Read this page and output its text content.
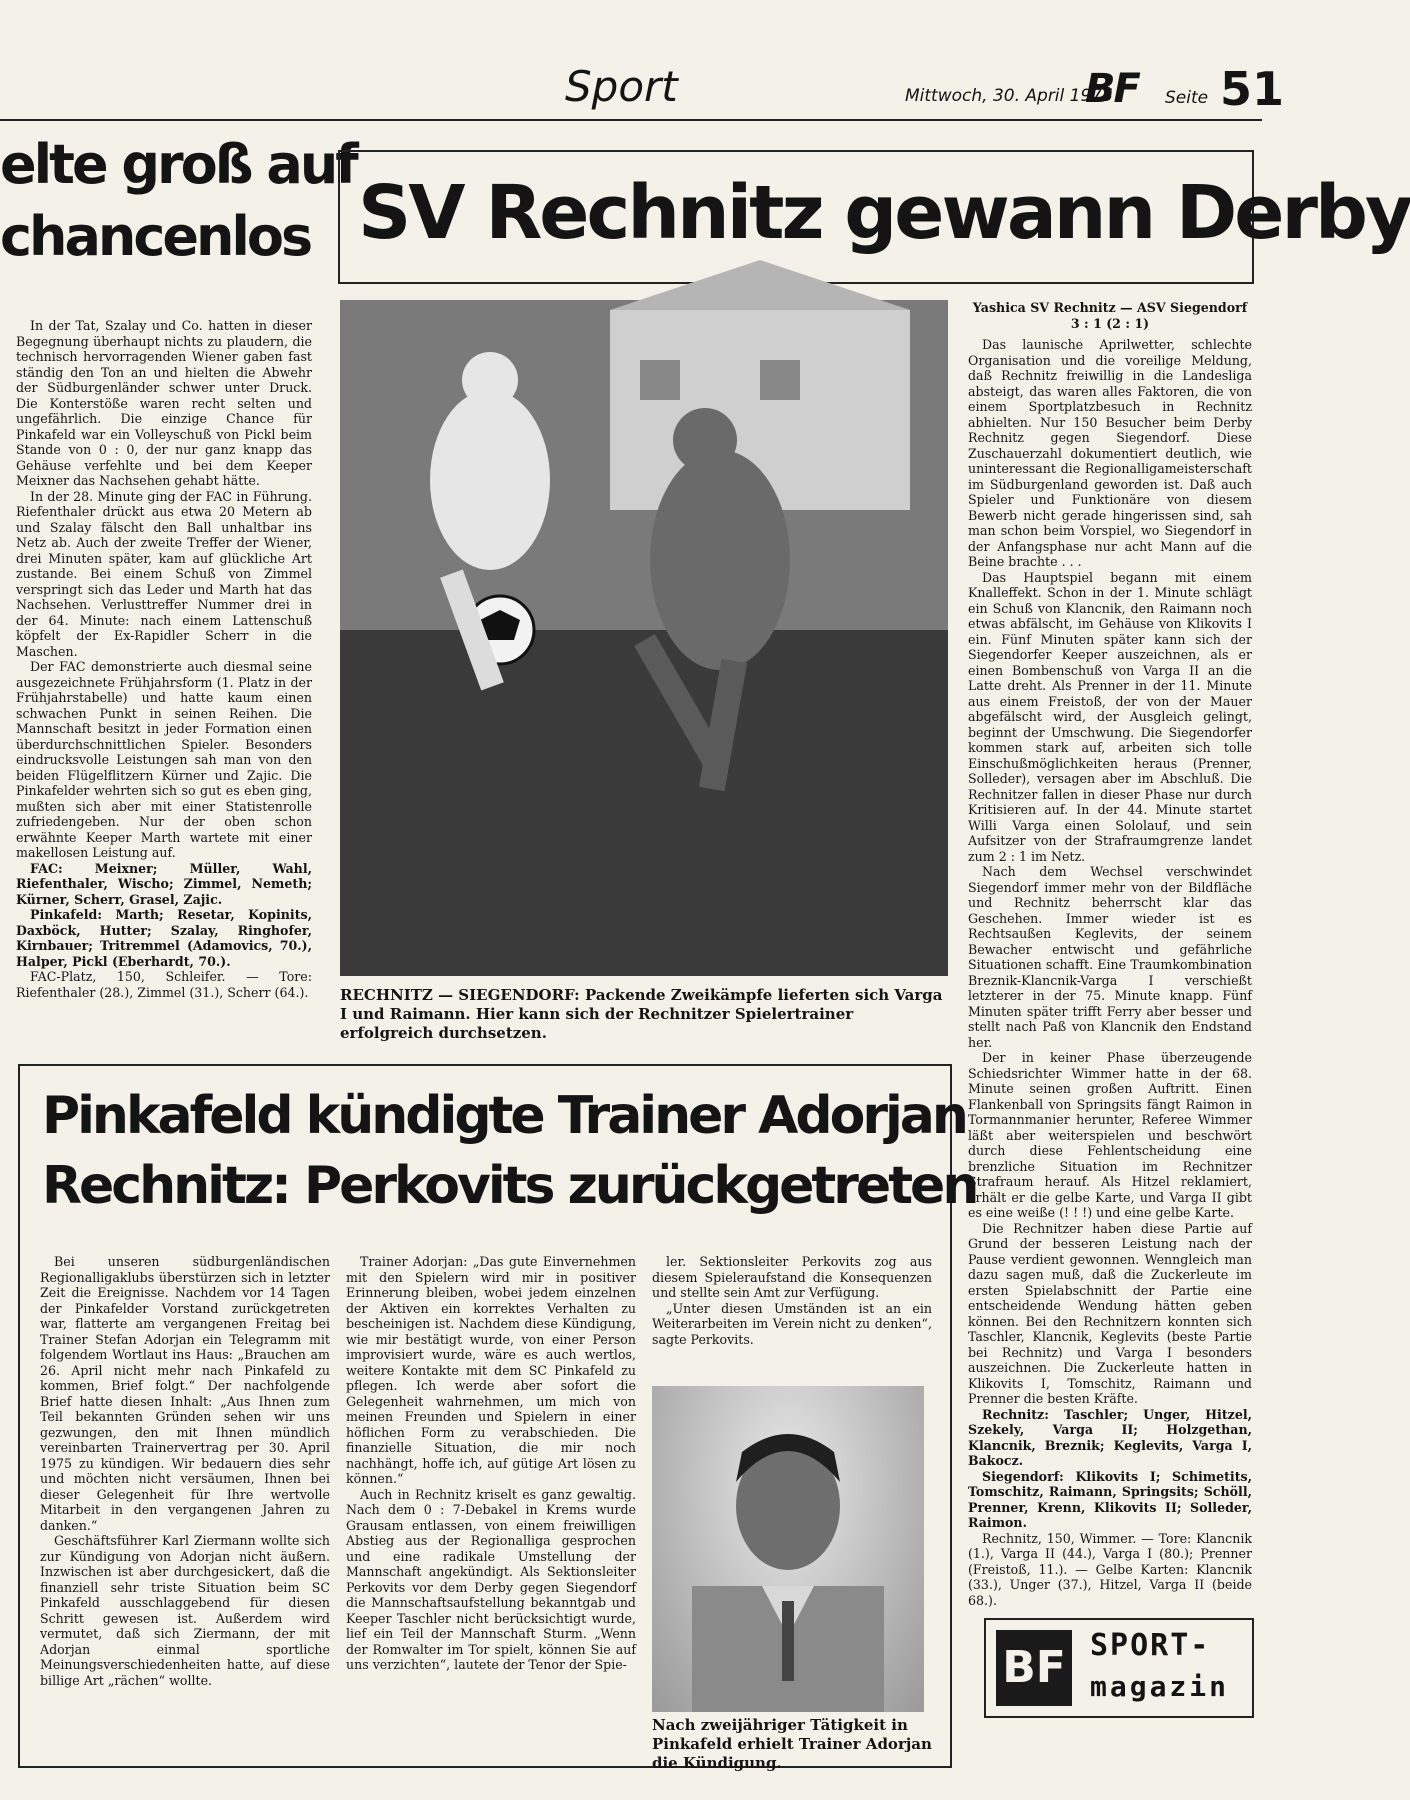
Sport	Mittwoch, 30. April 1975
BF Seite 51
elte groß auf
chancenlos

In der Tat, Szalay und Co. hatten in dieser Begegnung überhaupt nichts zu plaudern, die technisch hervorragenden Wiener gaben fast ständig den Ton an und hielten die Abwehr der Südburgenländer schwer unter Druck. Die Konterstöße waren recht selten und ungefährlich. Die einzige Chance für Pinkafeld war ein Volleyschuß von Pickl beim Stande von 0 : 0, der nur ganz knapp das Gehäuse verfehlte und bei dem Keeper Meixner das Nachsehen gehabt hätte.

In der 28. Minute ging der FAC in Führung. Riefenthaler drückt aus etwa 20 Metern ab und Szalay fälscht den Ball unhaltbar ins Netz ab. Auch der zweite Treffer der Wiener, drei Minuten später, kam auf glückliche Art zustande. Bei einem Schuß von Zimmel verspringt sich das Leder und Marth hat das Nachsehen. Verlusttreffer Nummer drei in der 64. Minute: nach einem Lattenschuß köpfelt der Ex-Rapidler Scherr in die Maschen.

Der FAC demonstrierte auch diesmal seine ausgezeichnete Frühjahrsform (1. Platz in der Frühjahrstabelle) und hatte kaum einen schwachen Punkt in seinen Reihen. Die Mannschaft besitzt in jeder Formation einen überdurchschnittlichen Spieler. Besonders eindrucksvolle Leistungen sah man von den beiden Flügelflitzern Kürner und Zajic. Die Pinkafelder wehrten sich so gut es eben ging, mußten sich aber mit einer Statistenrolle zufriedengeben. Nur der oben schon erwähnte Keeper Marth wartete mit einer makellosen Leistung auf.

FAC: Meixner; Müller, Wahl, Riefenthaler, Wischo; Zimmel, Nemeth; Kürner, Scherr, Grasel, Zajic.

Pinkafeld: Marth; Resetar, Kopinits, Daxböck, Hutter; Szalay, Ringhofer, Kirnbauer; Tritremmel (Adamovics, 70.), Halper, Pickl (Eberhardt, 70.).

FAC-Platz, 150, Schleifer. — Tore: Riefenthaler (28.), Zimmel (31.), Scherr (64.).

SV Rechnitz gewann Derby
RECHNITZ — SIEGENDORF: Packende Zweikämpfe lieferten sich Varga I und Raimann. Hier kann sich der Rechnitzer Spielertrainer erfolgreich durchsetzen.

Yashica SV Rechnitz — ASV Siegendorf 3 : 1 (2 : 1)

Das launische Aprilwetter, schlechte Organisation und die voreilige Meldung, daß Rechnitz freiwillig in die Landesliga absteigt, das waren alles Faktoren, die von einem Sportplatzbesuch in Rechnitz abhielten. Nur 150 Besucher beim Derby Rechnitz gegen Siegendorf. Diese Zuschauerzahl dokumentiert deutlich, wie uninteressant die Regionalligameisterschaft im Südburgenland geworden ist. Daß auch Spieler und Funktionäre von diesem Bewerb nicht gerade hingerissen sind, sah man schon beim Vorspiel, wo Siegendorf in der Anfangsphase nur acht Mann auf die Beine brachte . . .

Das Hauptspiel begann mit einem Knalleffekt. Schon in der 1. Minute schlägt ein Schuß von Klancnik, den Raimann noch etwas abfälscht, im Gehäuse von Klikovits I ein. Fünf Minuten später kann sich der Siegendorfer Keeper auszeichnen, als er einen Bombenschuß von Varga II an die Latte dreht. Als Prenner in der 11. Minute aus einem Freistoß, der von der Mauer abgefälscht wird, der Ausgleich gelingt, beginnt der Umschwung. Die Siegendorfer kommen stark auf, arbeiten sich tolle Einschußmöglichkeiten heraus (Prenner, Solleder), versagen aber im Abschluß. Die Rechnitzer fallen in dieser Phase nur durch Kritisieren auf. In der 44. Minute startet Willi Varga einen Sololauf, und sein Aufsitzer von der Strafraumgrenze landet zum 2 : 1 im Netz.

Nach dem Wechsel verschwindet Siegendorf immer mehr von der Bildfläche und Rechnitz beherrscht klar das Geschehen. Immer wieder ist es Rechtsaußen Keglevits, der seinem Bewacher entwischt und gefährliche Situationen schafft. Eine Traumkombination Breznik-Klancnik-Varga I verschießt letzterer in der 75. Minute knapp. Fünf Minuten später trifft Ferry aber besser und stellt nach Paß von Klancnik den Endstand her.

Der in keiner Phase überzeugende Schiedsrichter Wimmer hatte in der 68. Minute seinen großen Auftritt. Einen Flankenball von Springsits fängt Raimon in Tormannmanier herunter, Referee Wimmer läßt aber weiterspielen und beschwört durch diese Fehlentscheidung eine brenzliche Situation im Rechnitzer Strafraum herauf. Als Hitzel reklamiert, erhält er die gelbe Karte, und Varga II gibt es eine weiße (! ! !) und eine gelbe Karte.

Die Rechnitzer haben diese Partie auf Grund der besseren Leistung nach der Pause verdient gewonnen. Wenngleich man dazu sagen muß, daß die Zuckerleute im ersten Spielabschnitt der Partie eine entscheidende Wendung hätten geben können. Bei den Rechnitzern konnten sich Taschler, Klancnik, Keglevits (beste Partie bei Rechnitz) und Varga I besonders auszeichnen. Die Zuckerleute hatten in Klikovits I, Tomschitz, Raimann und Prenner die besten Kräfte.

Rechnitz: Taschler; Unger, Hitzel, Szekely, Varga II; Holzgethan, Klancnik, Breznik; Keglevits, Varga I, Bakocz.

Siegendorf: Klikovits I; Schimetits, Tomschitz, Raimann, Springsits; Schöll, Prenner, Krenn, Klikovits II; Solleder, Raimon.

Rechnitz, 150, Wimmer. — Tore: Klancnik (1.), Varga II (44.), Varga I (80.); Prenner (Freistoß, 11.). — Gelbe Karten: Klancnik (33.), Unger (37.), Hitzel, Varga II (beide 68.).

Pinkafeld kündigte Trainer Adorjan
Rechnitz: Perkovits zurückgetreten

Bei unseren südburgenländischen Regionalligaklubs überstürzen sich in letzter Zeit die Ereignisse. Nachdem vor 14 Tagen der Pinkafelder Vorstand zurückgetreten war, flatterte am vergangenen Freitag bei Trainer Stefan Adorjan ein Telegramm mit folgendem Wortlaut ins Haus: „Brauchen am 26. April nicht mehr nach Pinkafeld zu kommen, Brief folgt.“ Der nachfolgende Brief hatte diesen Inhalt: „Aus Ihnen zum Teil bekannten Gründen sehen wir uns gezwungen, den mit Ihnen mündlich vereinbarten Trainervertrag per 30. April 1975 zu kündigen. Wir bedauern dies sehr und möchten nicht versäumen, Ihnen bei dieser Gelegenheit für Ihre wertvolle Mitarbeit in den vergangenen Jahren zu danken.“

Geschäftsführer Karl Ziermann wollte sich zur Kündigung von Adorjan nicht äußern. Inzwischen ist aber durchgesickert, daß die finanziell sehr triste Situation beim SC Pinkafeld ausschlaggebend für diesen Schritt gewesen ist. Außerdem wird vermutet, daß sich Ziermann, der mit Adorjan einmal sportliche Meinungsverschiedenheiten hatte, auf diese billige Art „rächen“ wollte.

Trainer Adorjan: „Das gute Einvernehmen mit den Spielern wird mir in positiver Erinnerung bleiben, wobei jedem einzelnen der Aktiven ein korrektes Verhalten zu bescheinigen ist. Nachdem diese Kündigung, wie mir bestätigt wurde, von einer Person improvisiert wurde, wäre es auch wertlos, weitere Kontakte mit dem SC Pinkafeld zu pflegen. Ich werde aber sofort die Gelegenheit wahrnehmen, um mich von meinen Freunden und Spielern in einer höflichen Form zu verabschieden. Die finanzielle Situation, die mir noch nachhängt, hoffe ich, auf gütige Art lösen zu können.“

Auch in Rechnitz kriselt es ganz gewaltig. Nach dem 0 : 7-Debakel in Krems wurde Grausam entlassen, von einem freiwilligen Abstieg aus der Regionalliga gesprochen und eine radikale Umstellung der Mannschaft angekündigt. Als Sektionsleiter Perkovits vor dem Derby gegen Siegendorf die Mannschaftsaufstellung bekanntgab und Keeper Taschler nicht berücksichtigt wurde, lief ein Teil der Mannschaft Sturm. „Wenn der Romwalter im Tor spielt, können Sie auf uns verzichten“, lautete der Tenor der Spie-

ler. Sektionsleiter Perkovits zog aus diesem Spieleraufstand die Konsequenzen und stellte sein Amt zur Verfügung.

„Unter diesen Umständen ist an ein Weiterarbeiten im Verein nicht zu denken“, sagte Perkovits.

Nach zweijähriger Tätigkeit in Pinkafeld erhielt Trainer Adorjan die Kündigung.
BF SPORT-
magazin
